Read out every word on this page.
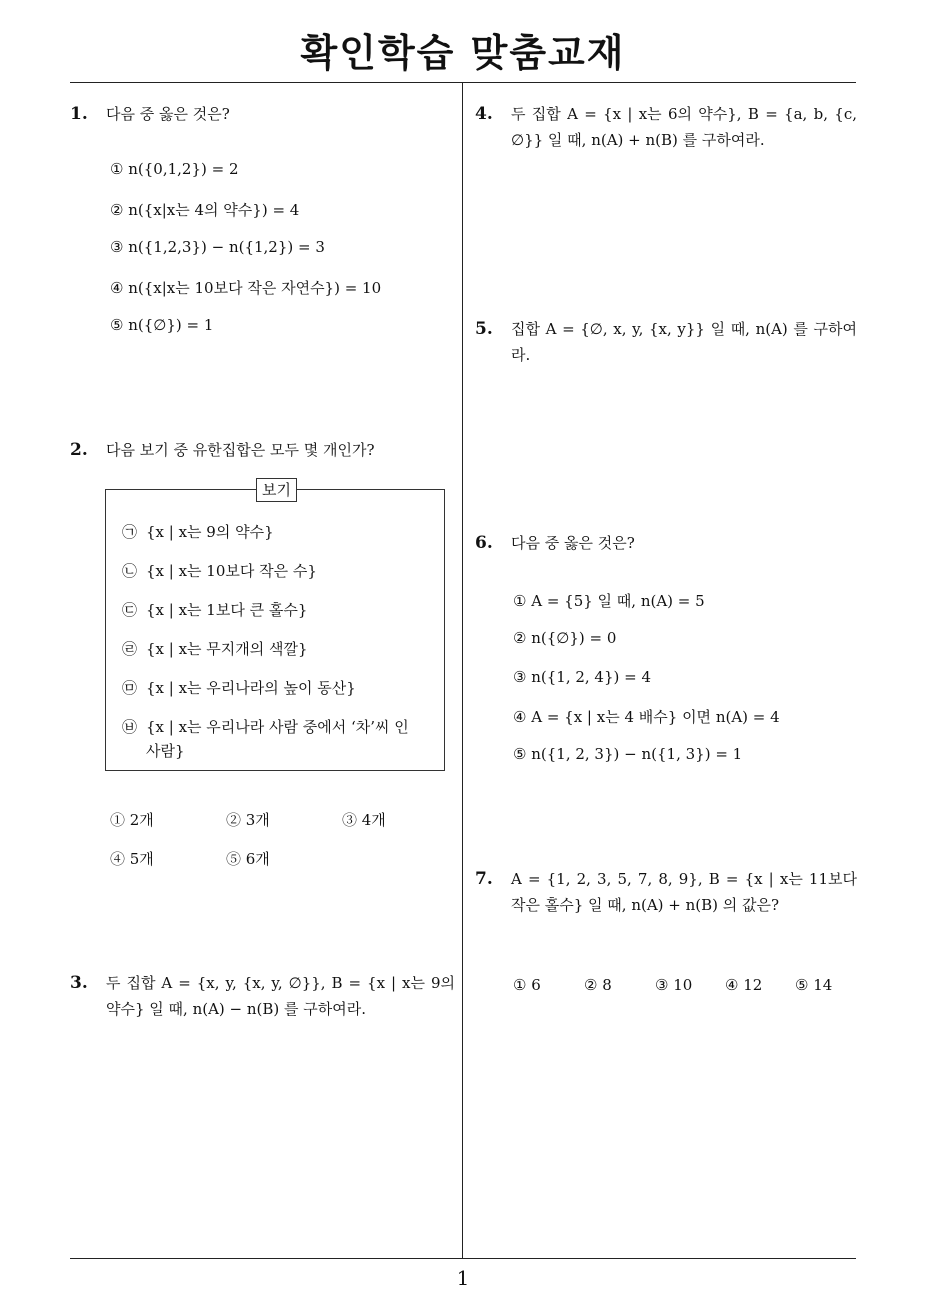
확인학습 맞춤교재
1
1. 다음 중 옳은 것은?
① n({0,1,2}) = 2
② n({x|x는 4의 약수}) = 4
③ n({1,2,3}) − n({1,2}) = 3
④ n({x|x는 10보다 작은 자연수}) = 10
⑤ n({∅}) = 1
2. 다음 보기 중 유한집합은 모두 몇 개인가?
보기
㉠ {x | x는 9의 약수}
㉡ {x | x는 10보다 작은 수}
㉢ {x | x는 1보다 큰 홀수}
㉣ {x | x는 무지개의 색깔}
㉤ {x | x는 우리나라의 높이 동산}
㉥ {x | x는 우리나라 사람 중에서 ‘차’씨 인 사람}
① 2개	② 3개	③ 4개
④ 5개	⑤ 6개
3. 두 집합 A = {x, y, {x, y, ∅}}, B = {x | x는 9의 약수} 일 때, n(A) − n(B) 를 구하여라.
4. 두 집합 A = {x | x는 6의 약수}, B = {a, b, {c, ∅}} 일 때, n(A) + n(B) 를 구하여라.
5. 집합 A = {∅, x, y, {x, y}} 일 때, n(A) 를 구하여라.
6. 다음 중 옳은 것은?
① A = {5} 일 때, n(A) = 5
② n({∅}) = 0
③ n({1, 2, 4}) = 4
④ A = {x | x는 4 배수} 이면 n(A) = 4
⑤ n({1, 2, 3}) − n({1, 3}) = 1
7. A = {1, 2, 3, 5, 7, 8, 9}, B = {x | x는 11보다 작은 홀수} 일 때, n(A) + n(B) 의 값은?
① 6	② 8	③ 10 ④ 12 ⑤ 14
